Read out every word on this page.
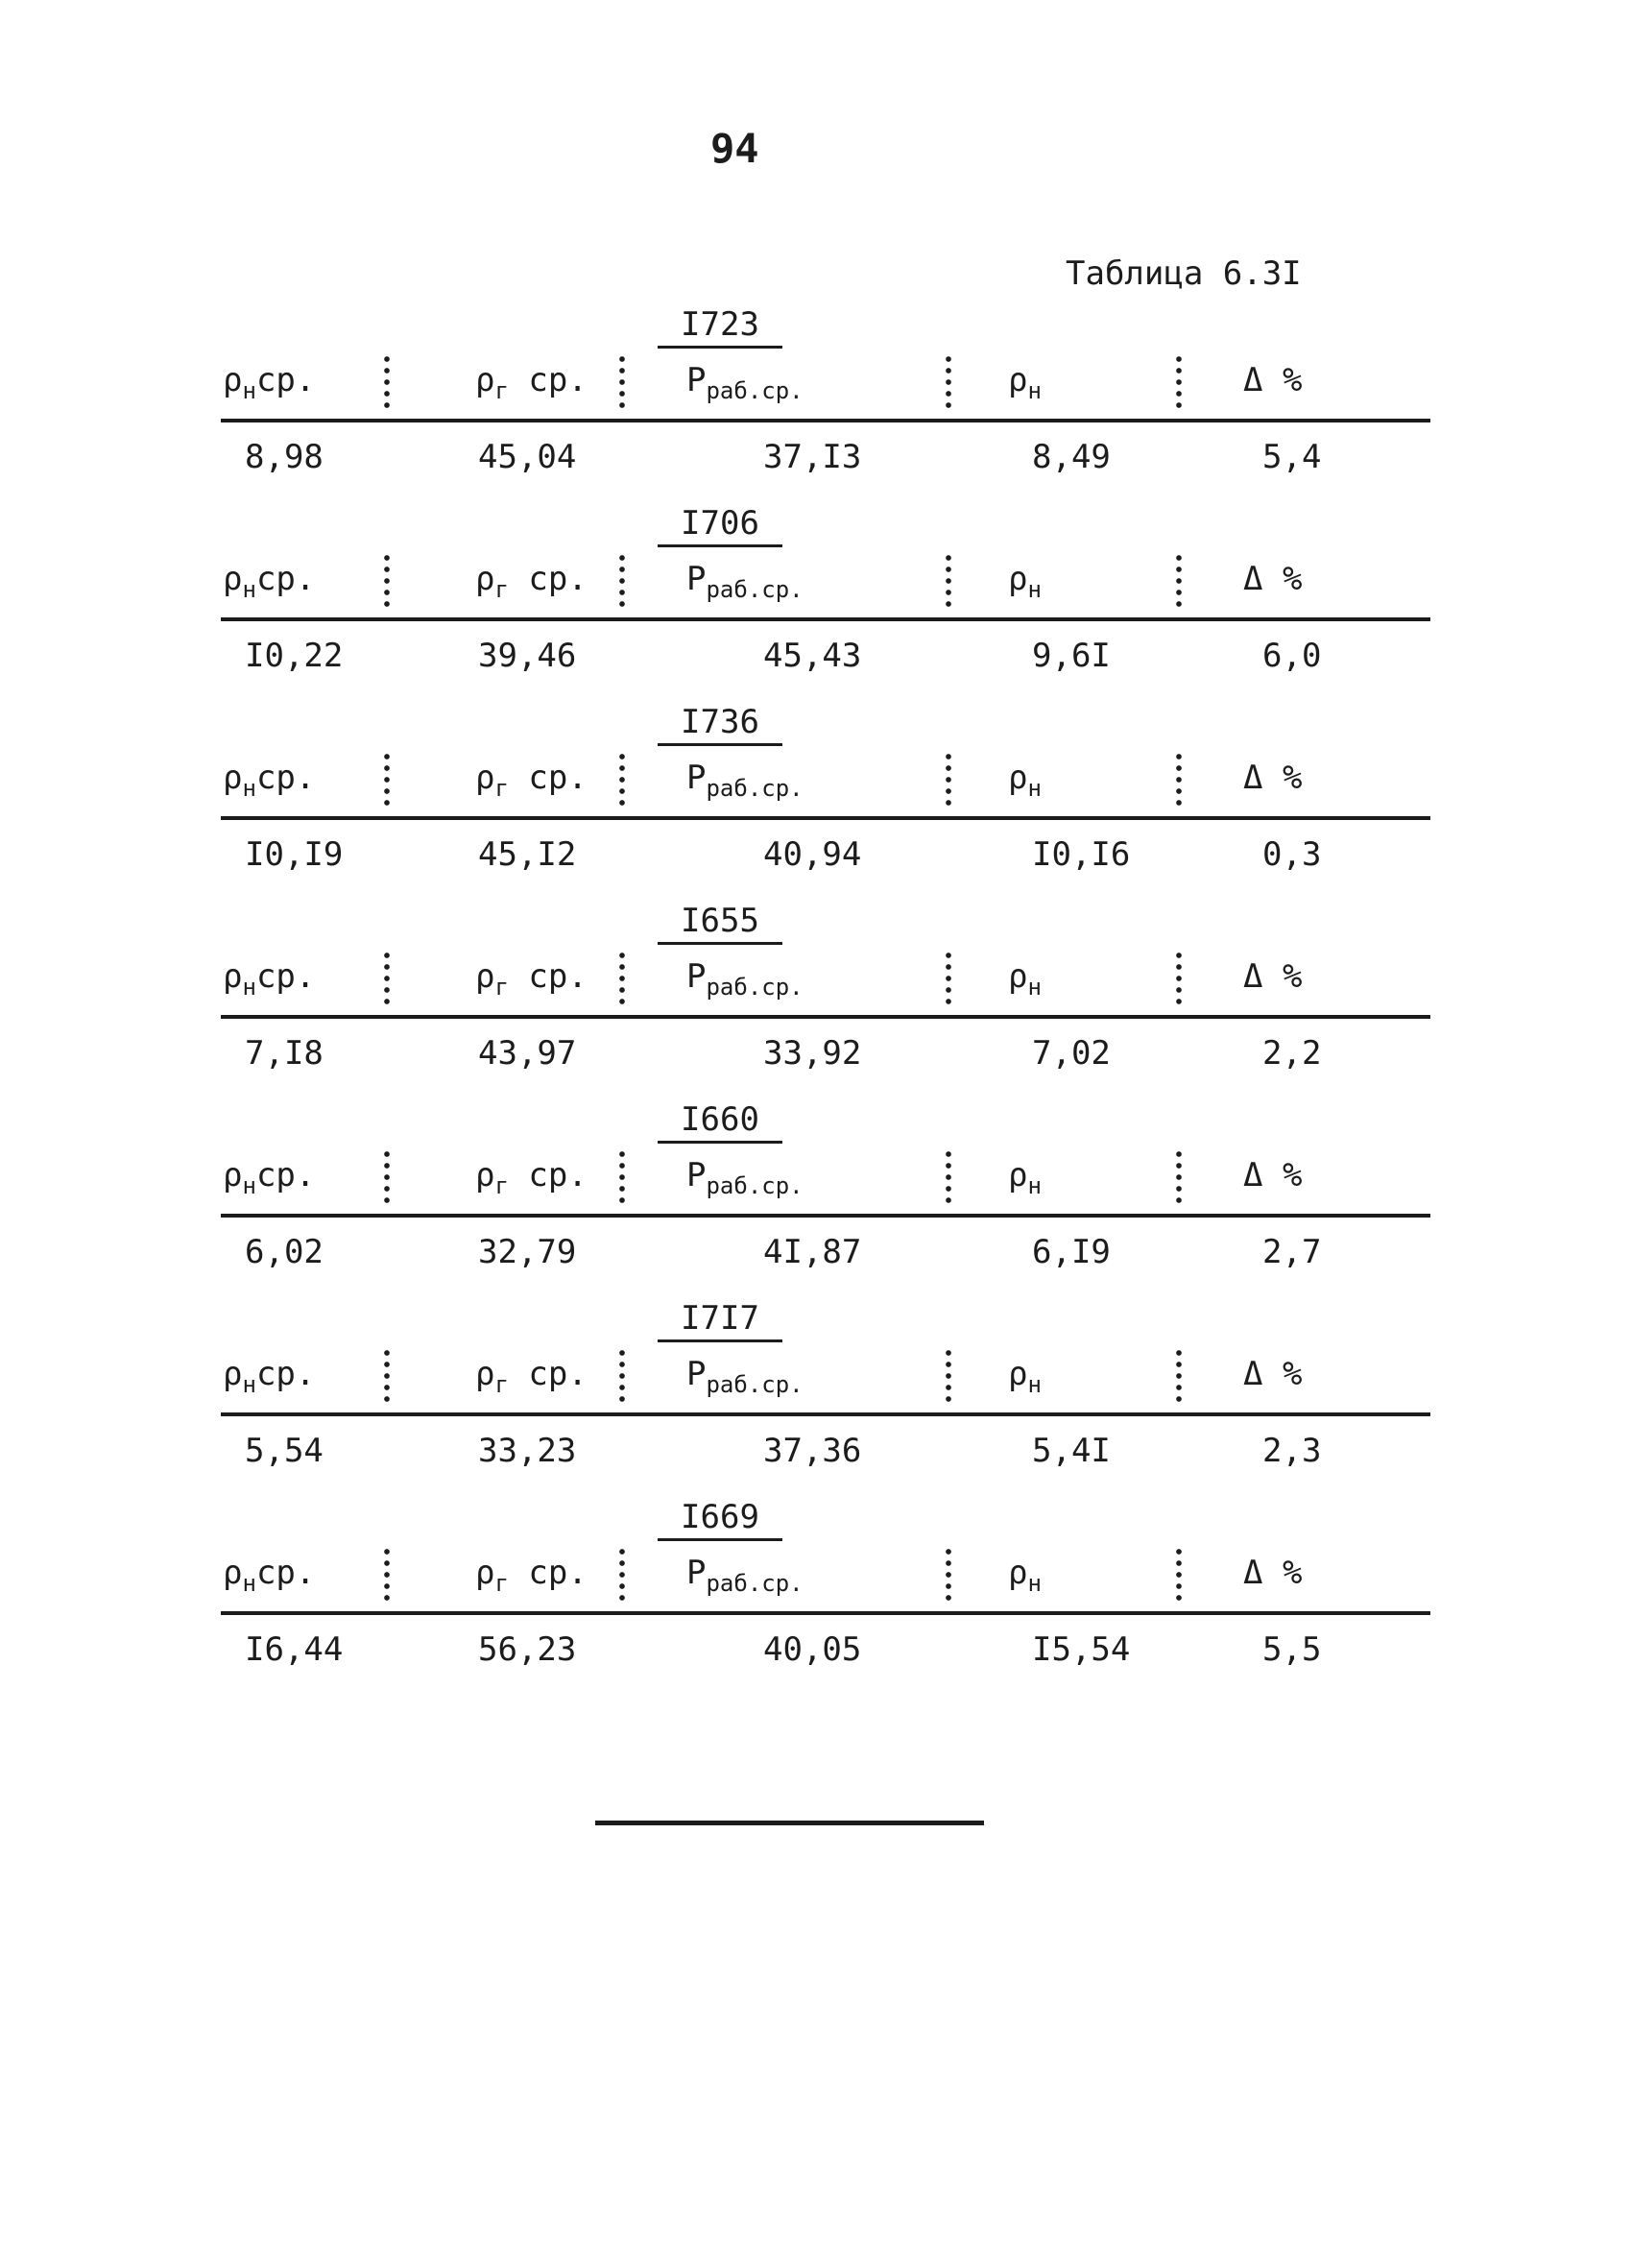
94
Таблица 6.3I
I723
$\rho_нср$.	$\rho_г$ ср.	$P_{раб.ср.}$	$\rho_н$	Δ %
8,98	45,04	37,I3	8,49	5,4
I706
$\rho_нср$.	$\rho_г$ ср.	$P_{раб.ср.}$	$\rho_н$	Δ %
I0,22	39,46	45,43	9,6I	6,0
I736
$\rho_нср$.	$\rho_г$ ср.	$P_{раб.ср.}$	$\rho_н$	Δ %
I0,I9	45,I2	40,94	I0,I6	0,3
I655
$\rho_нср$.	$\rho_г$ ср.	$P_{раб.ср.}$	$\rho_н$	Δ %
7,I8	43,97	33,92	7,02	2,2
I660
$\rho_нср$.	$\rho_г$ ср.	$P_{раб.ср.}$	$\rho_н$	Δ %
6,02	32,79	4I,87	6,I9	2,7
I7I7
$\rho_нср$.	$\rho_г$ ср.	$P_{раб.ср.}$	$\rho_н$	Δ %
5,54	33,23	37,36	5,4I	2,3
I669
$\rho_нср$.	$\rho_г$ ср.	$P_{раб.ср.}$	$\rho_н$	Δ %
I6,44	56,23	40,05	I5,54	5,5
